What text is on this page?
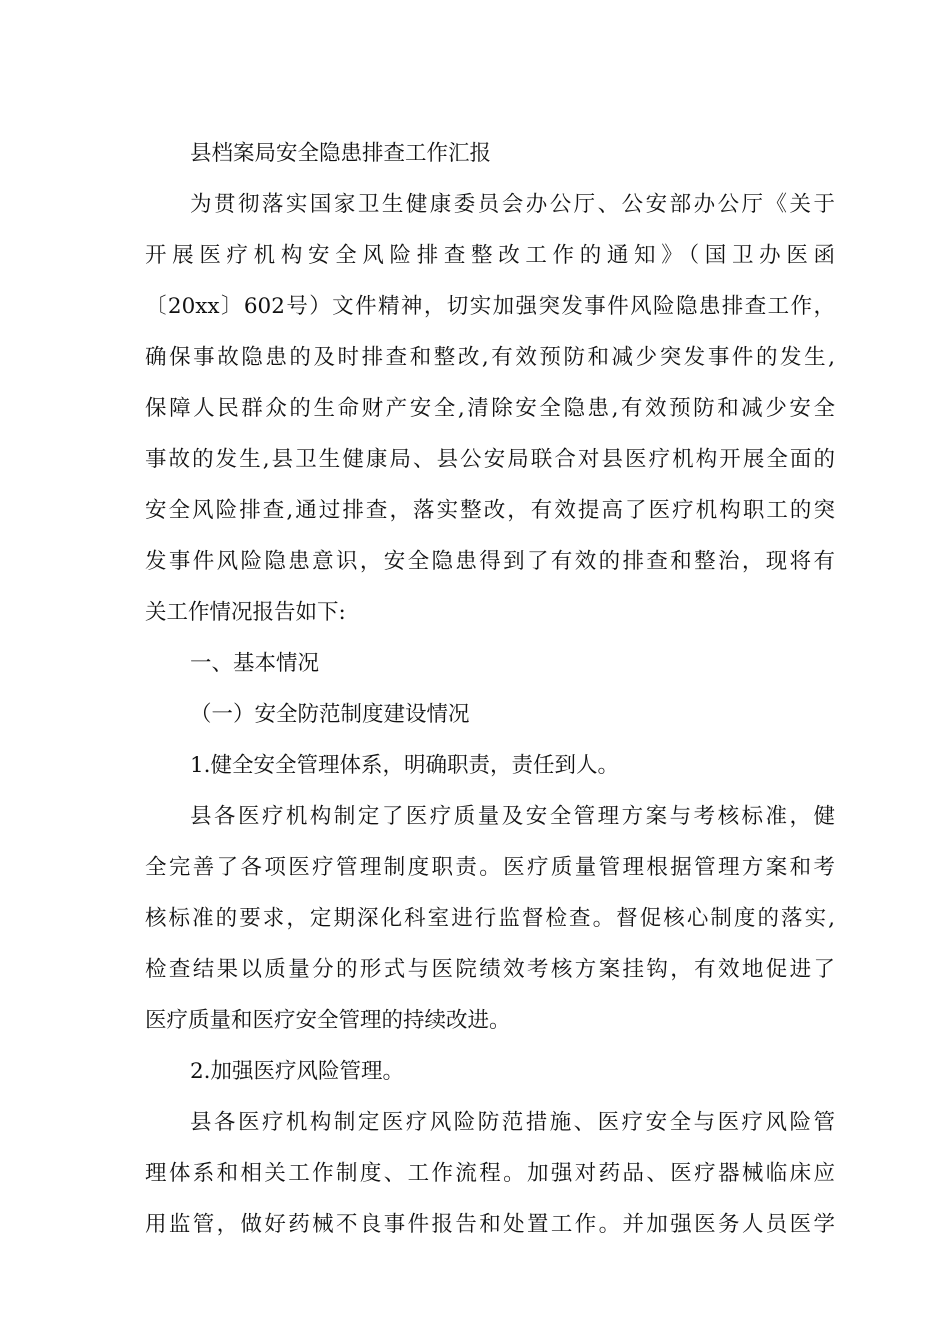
县档案局安全隐患排查工作汇报
为贯彻落实国家卫生健康委员会办公厅、公安部办公厅《关于
开展医疗机构安全风险排查整改工作的通知》（国卫办医函
〔20xx〕602号）文件精神，切实加强突发事件风险隐患排查工作，
确保事故隐患的及时排查和整改,有效预防和减少突发事件的发生,
保障人民群众的生命财产安全,清除安全隐患,有效预防和减少安全
事故的发生,县卫生健康局、县公安局联合对县医疗机构开展全面的
安全风险排查,通过排查，落实整改，有效提高了医疗机构职工的突
发事件风险隐患意识，安全隐患得到了有效的排查和整治，现将有
关工作情况报告如下:
一、基本情况
（一）安全防范制度建设情况
1.健全安全管理体系，明确职责，责任到人。
县各医疗机构制定了医疗质量及安全管理方案与考核标准，健
全完善了各项医疗管理制度职责。医疗质量管理根据管理方案和考
核标准的要求，定期深化科室进行监督检查。督促核心制度的落实,
检查结果以质量分的形式与医院绩效考核方案挂钩，有效地促进了
医疗质量和医疗安全管理的持续改进。
2.加强医疗风险管理。
县各医疗机构制定医疗风险防范措施、医疗安全与医疗风险管
理体系和相关工作制度、工作流程。加强对药品、医疗器械临床应
用监管，做好药械不良事件报告和处置工作。并加强医务人员医学
